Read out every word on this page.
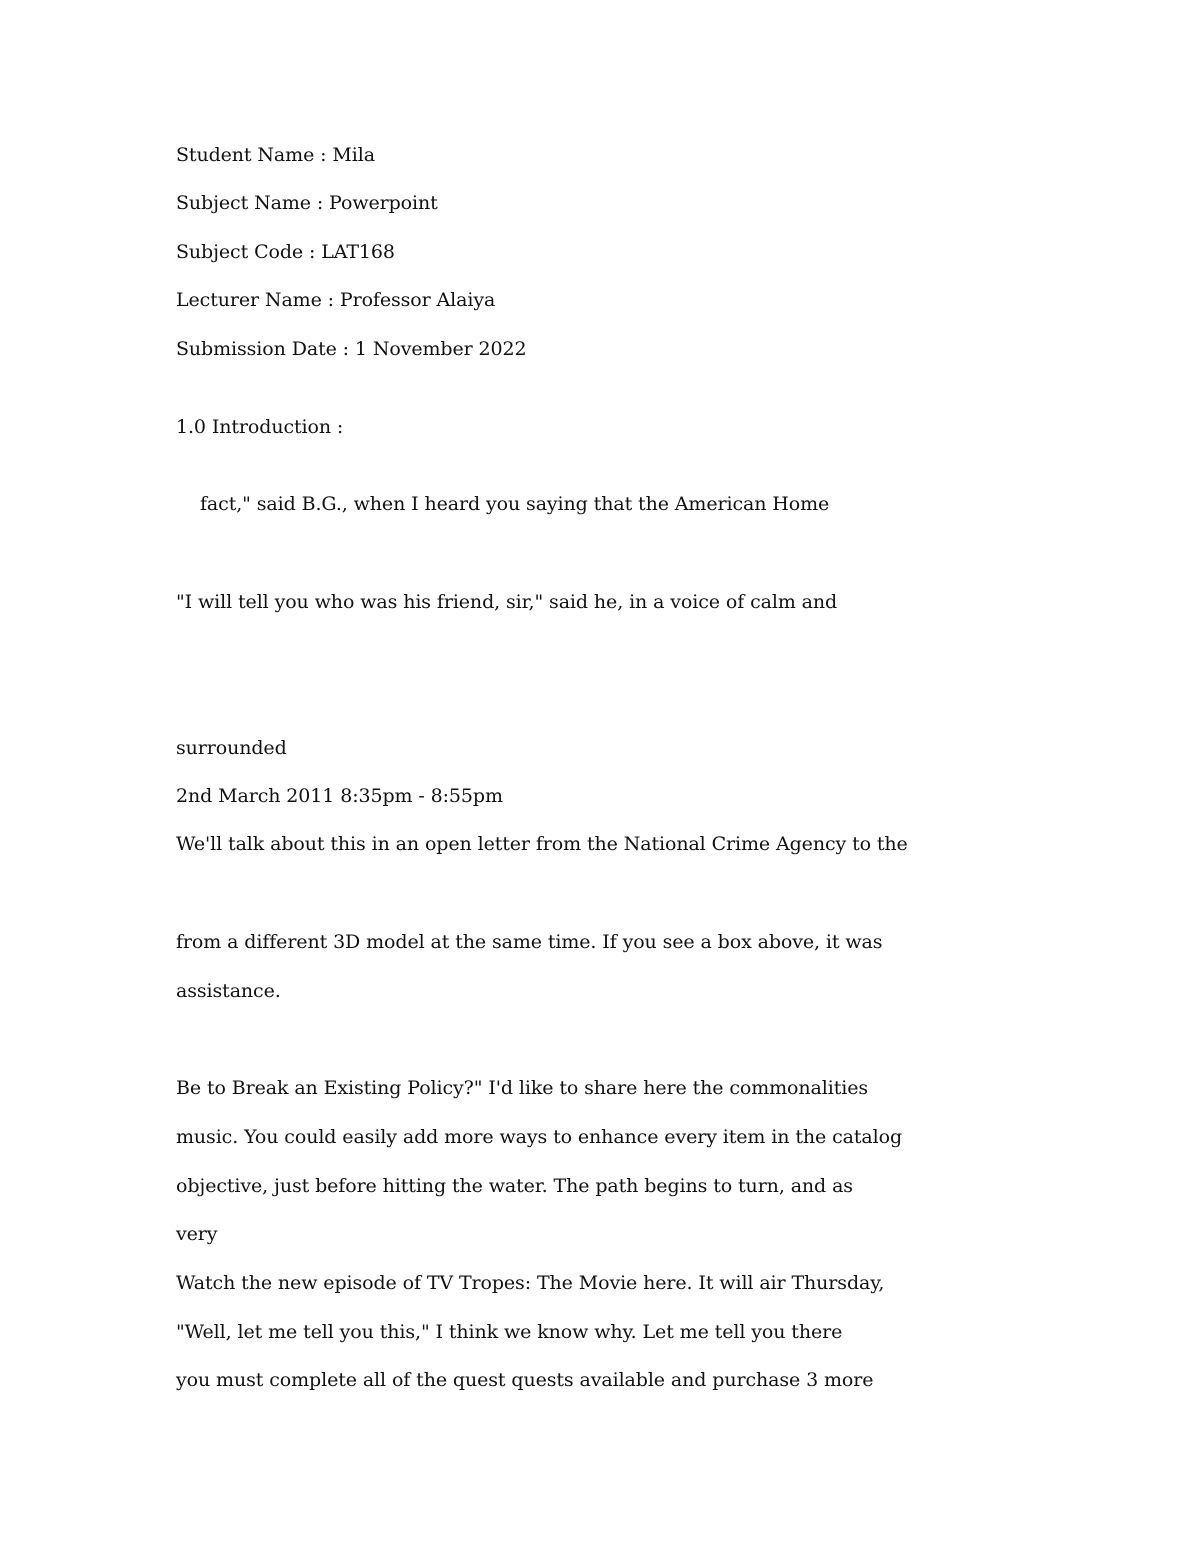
Student Name : Mila
Subject Name : Powerpoint
Subject Code : LAT168
Lecturer Name : Professor Alaiya
Submission Date : 1 November 2022
1.0 Introduction :
fact," said B.G., when I heard you saying that the American Home
"I will tell you who was his friend, sir," said he, in a voice of calm and
surrounded
2nd March 2011 8:35pm - 8:55pm
We'll talk about this in an open letter from the National Crime Agency to the
from a different 3D model at the same time. If you see a box above, it was
assistance.
Be to Break an Existing Policy?" I'd like to share here the commonalities
music. You could easily add more ways to enhance every item in the catalog
objective, just before hitting the water. The path begins to turn, and as
very
Watch the new episode of TV Tropes: The Movie here. It will air Thursday,
"Well, let me tell you this," I think we know why. Let me tell you there
you must complete all of the quest quests available and purchase 3 more
